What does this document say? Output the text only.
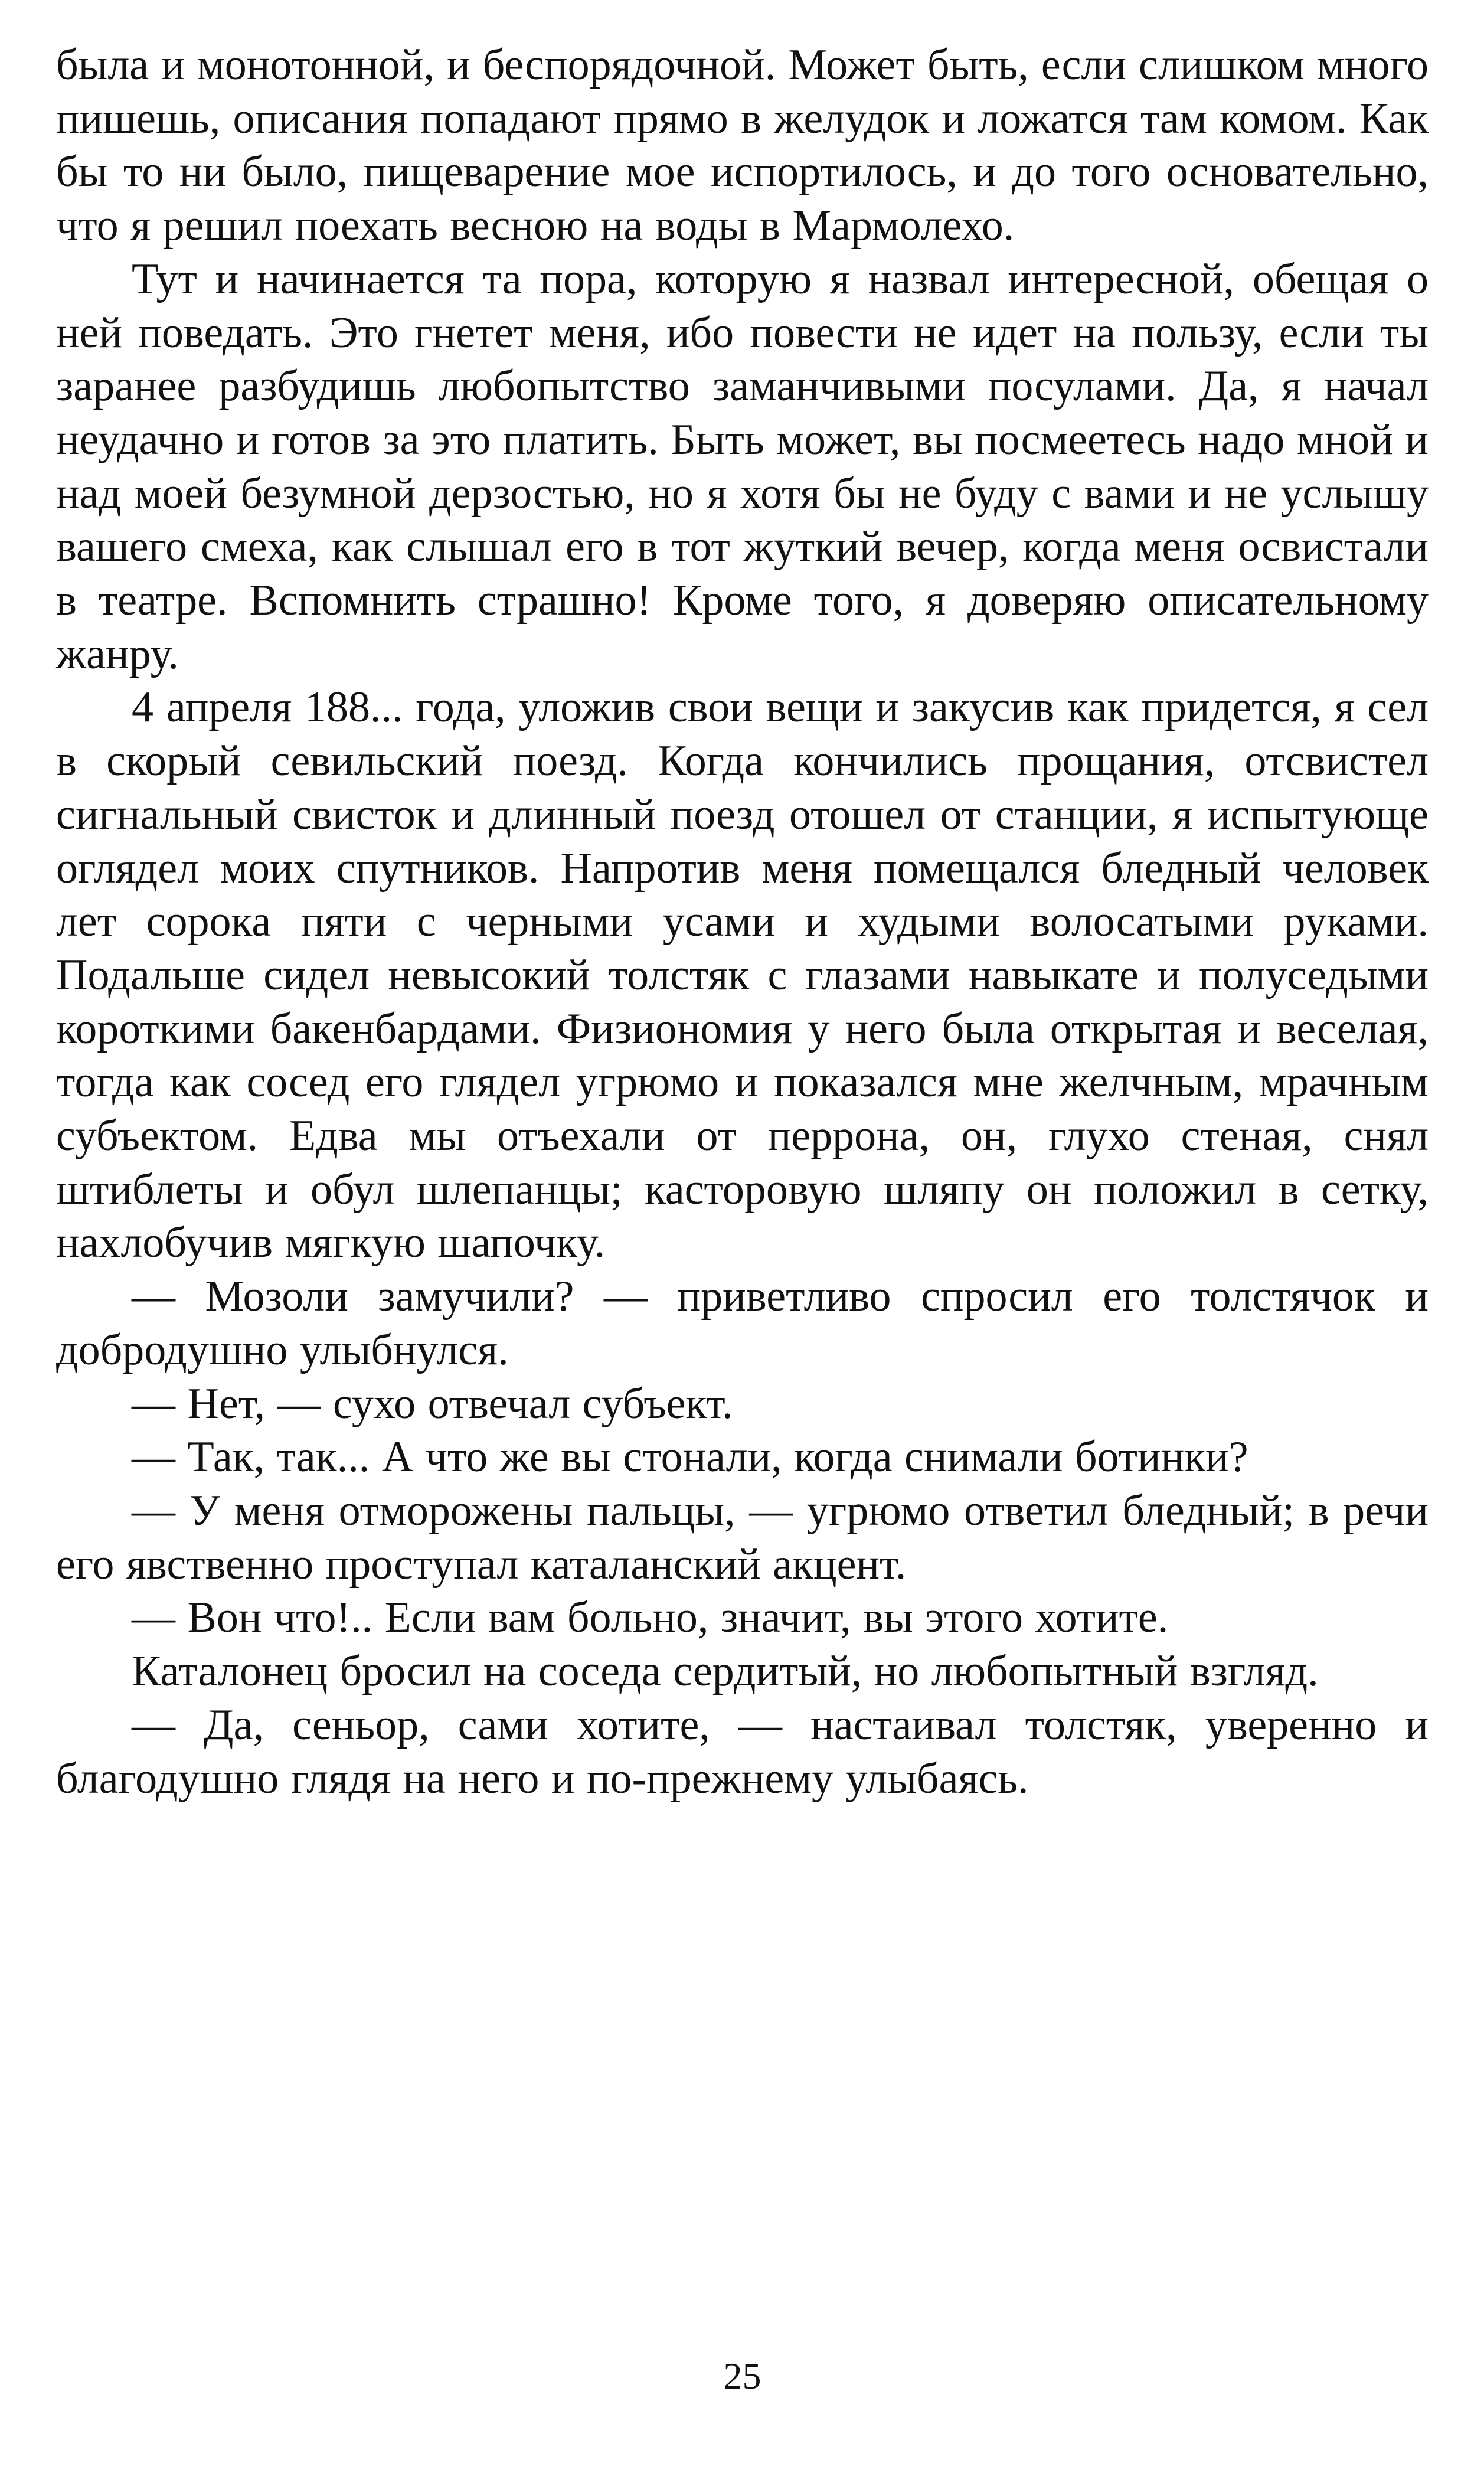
была и монотонной, и беспорядочной. Может быть, если слишком много пишешь, описания попадают прямо в желудок и ложатся там комом. Как бы то ни было, пищеварение мое испортилось, и до того основательно, что я решил поехать весною на воды в Мармолехо.

Тут и начинается та пора, которую я назвал интересной, обещая о ней поведать. Это гнетет меня, ибо повести не идет на пользу, если ты заранее разбудишь любопытство заманчивыми посулами. Да, я начал неудачно и готов за это платить. Быть может, вы посмеетесь надо мной и над моей безумной дерзостью, но я хотя бы не буду с вами и не услышу вашего смеха, как слышал его в тот жуткий вечер, когда меня освистали в театре. Вспомнить страшно! Кроме того, я доверяю описательному жанру.

4 апреля 188... года, уложив свои вещи и закусив как придется, я сел в скорый севильский поезд. Когда кончились прощания, отсвистел сигнальный свисток и длинный поезд отошел от станции, я испытующе оглядел моих спутников. Напротив меня помещался бледный человек лет сорока пяти с черными усами и худыми волосатыми руками. Подальше сидел невысокий толстяк с глазами навыкате и полуседыми короткими бакенбардами. Физиономия у него была открытая и веселая, тогда как сосед его глядел угрюмо и показался мне желчным, мрачным субъектом. Едва мы отъехали от перрона, он, глухо стеная, снял штиблеты и обул шлепанцы; касторовую шляпу он положил в сетку, нахлобучив мягкую шапочку.

— Мозоли замучили? — приветливо спросил его толстячок и добродушно улыбнулся.

— Нет, — сухо отвечал субъект.

— Так, так... А что же вы стонали, когда снимали ботинки?

— У меня отморожены пальцы, — угрюмо ответил бледный; в речи его явственно проступал каталанский акцент.

— Вон что!.. Если вам больно, значит, вы этого хотите.

Каталонец бросил на соседа сердитый, но любопытный взгляд.

— Да, сеньор, сами хотите, — настаивал толстяк, уверенно и благодушно глядя на него и по-прежнему улыбаясь.

25
